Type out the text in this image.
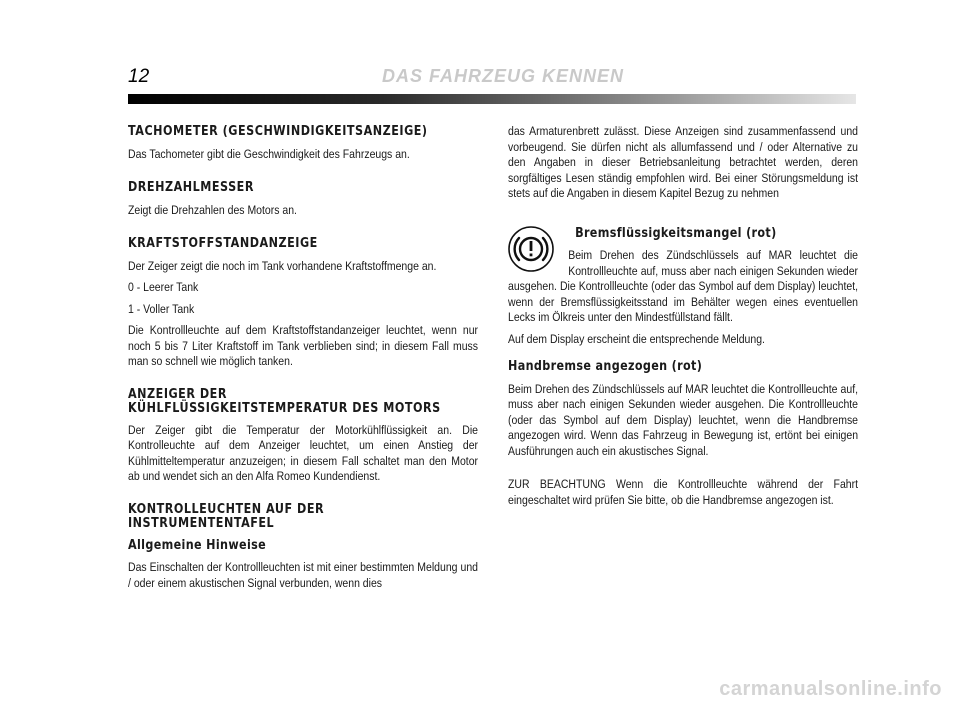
12	DAS FAHRZEUG KENNEN
TACHOMETER (GESCHWINDIGKEITSANZEIGE)

Das Tachometer gibt die Geschwindigkeit des Fahrzeugs an.

DREHZAHLMESSER

Zeigt die Drehzahlen des Motors an.

KRAFTSTOFFSTANDANZEIGE

Der Zeiger zeigt die noch im Tank vorhandene Kraftstoffmenge an.

0 - Leerer Tank

1 - Voller Tank

Die Kontrollleuchte auf dem Kraftstoffstandanzeiger leuchtet, wenn nur noch 5 bis 7 Liter Kraftstoff im Tank verblieben sind; in diesem Fall muss man so schnell wie möglich tanken.

ANZEIGER DER
KÜHLFLÜSSIGKEITSTEMPERATUR DES MOTORS

Der Zeiger gibt die Temperatur der Motorkühlflüssigkeit an. Die Kontrolleuchte auf dem Anzeiger leuchtet, um einen Anstieg der Kühlmitteltemperatur anzuzeigen; in diesem Fall schaltet man den Motor ab und wendet sich an den Alfa Romeo Kundendienst.

KONTROLLEUCHTEN AUF DER
INSTRUMENTENTAFEL
Allgemeine Hinweise

Das Einschalten der Kontrollleuchten ist mit einer bestimmten Meldung und / oder einem akustischen Signal verbunden, wenn dies

das Armaturenbrett zulässt. Diese Anzeigen sind zusammenfassend und vorbeugend. Sie dürfen nicht als allumfassend und / oder Alternative zu den Angaben in dieser Betriebsanleitung betrachtet werden, deren sorgfältiges Lesen ständig empfohlen wird. Bei einer Störungsmeldung ist stets auf die Angaben in diesem Kapitel Bezug zu nehmen

Bremsflüssigkeitsmangel (rot)

Beim Drehen des Zündschlüssels auf MAR leuchtet die Kontrollleuchte auf, muss aber nach einigen Sekunden wieder ausgehen. Die Kontrollleuchte (oder das Symbol auf dem Display) leuchtet, wenn der Bremsflüssigkeitsstand im Behälter wegen eines eventuellen Lecks im Ölkreis unter den Mindestfüllstand fällt.

Auf dem Display erscheint die entsprechende Meldung.

Handbremse angezogen (rot)

Beim Drehen des Zündschlüssels auf MAR leuchtet die Kontrollleuchte auf, muss aber nach einigen Sekunden wieder ausgehen. Die Kontrollleuchte (oder das Symbol auf dem Display) leuchtet, wenn die Handbremse angezogen wird. Wenn das Fahrzeug in Bewegung ist, ertönt bei einigen Ausführungen auch ein akustisches Signal.

ZUR BEACHTUNG Wenn die Kontrollleuchte während der Fahrt eingeschaltet wird prüfen Sie bitte, ob die Handbremse angezogen ist.

carmanualsonline.info
